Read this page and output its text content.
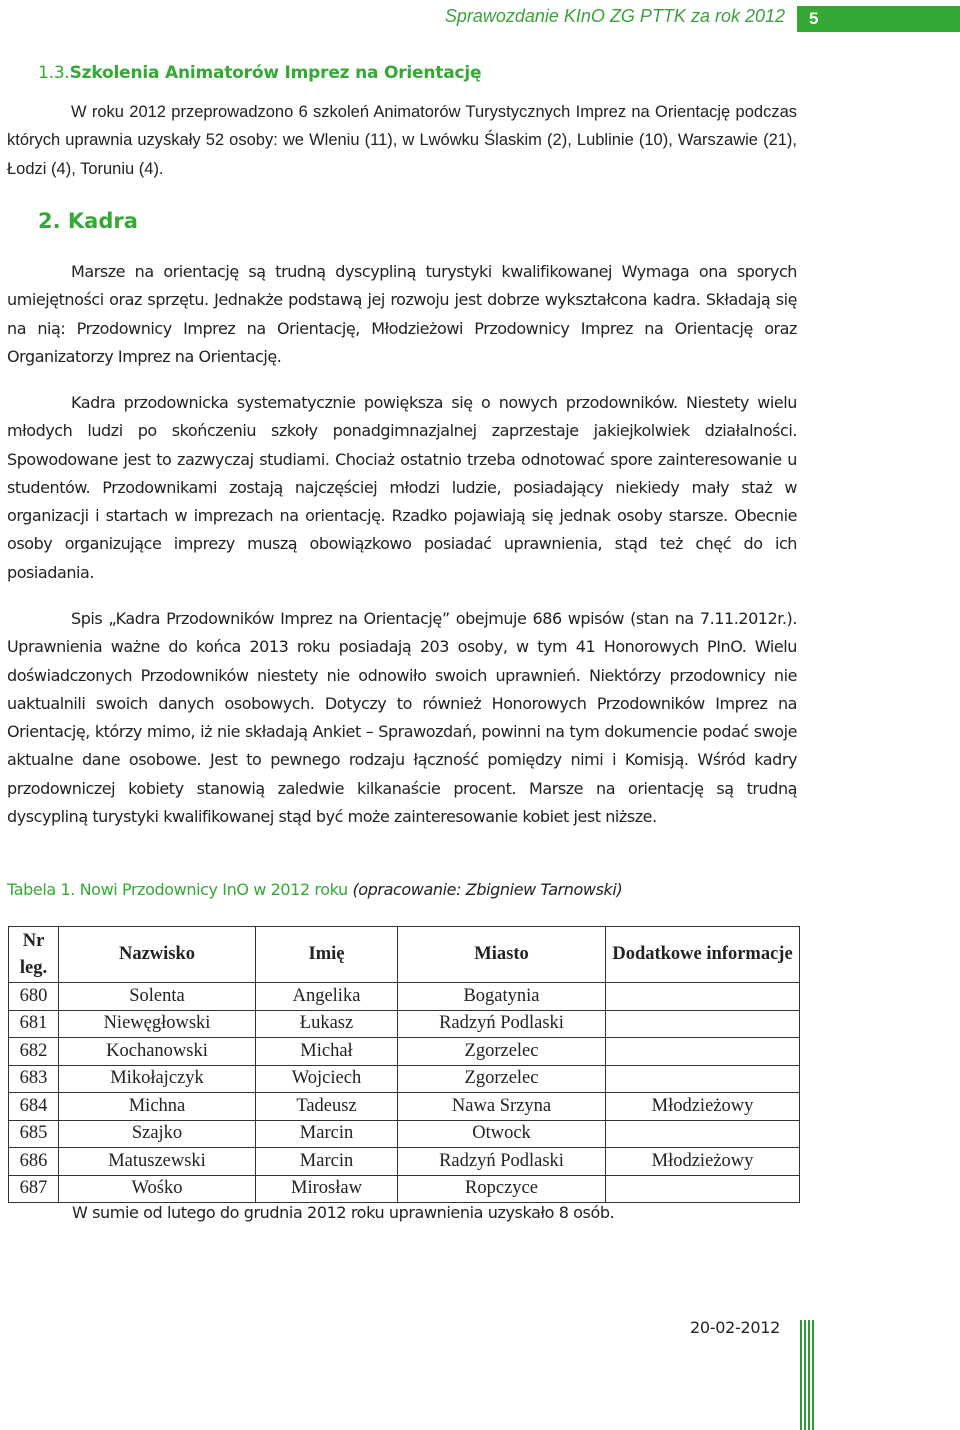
Sprawozdanie KInO ZG PTTK za rok 2012	5
1.3.Szkolenia Animatorów Imprez na Orientację
W roku 2012 przeprowadzono 6 szkoleń Animatorów Turystycznych Imprez na Orientację podczas których uprawnia uzyskały 52 osoby: we Wleniu (11), w Lwówku Ślaskim (2), Lublinie (10), Warszawie (21), Łodzi (4), Toruniu (4).
2. Kadra
Marsze na orientację są trudną dyscypliną turystyki kwalifikowanej Wymaga ona sporych umiejętności oraz sprzętu. Jednakże podstawą jej rozwoju jest dobrze wykształcona kadra. Składają się na nią: Przodownicy Imprez na Orientację, Młodzieżowi Przodownicy Imprez na Orientację oraz Organizatorzy Imprez na Orientację.
Kadra przodownicka systematycznie powiększa się o nowych przodowników. Niestety wielu młodych ludzi po skończeniu szkoły ponadgimnazjalnej zaprzestaje jakiejkolwiek działalności. Spowodowane jest to zazwyczaj studiami. Chociaż ostatnio trzeba odnotować spore zainteresowanie u studentów. Przodownikami zostają najczęściej młodzi ludzie, posiadający niekiedy mały staż w organizacji i startach w imprezach na orientację. Rzadko pojawiają się jednak osoby starsze. Obecnie osoby organizujące imprezy muszą obowiązkowo posiadać uprawnienia, stąd też chęć do ich posiadania.
Spis „Kadra Przodowników Imprez na Orientację” obejmuje 686 wpisów (stan na 7.11.2012r.). Uprawnienia ważne do końca 2013 roku posiadają 203 osoby, w tym 41 Honorowych PInO. Wielu doświadczonych Przodowników niestety nie odnowiło swoich uprawnień. Niektórzy przodownicy nie uaktualnili swoich danych osobowych. Dotyczy to również Honorowych Przodowników Imprez na Orientację, którzy mimo, iż nie składają Ankiet – Sprawozdań, powinni na tym dokumencie podać swoje aktualne dane osobowe. Jest to pewnego rodzaju łączność pomiędzy nimi i Komisją. Wśród kadry przodowniczej kobiety stanowią zaledwie kilkanaście procent. Marsze na orientację są trudną dyscypliną turystyki kwalifikowanej stąd być może zainteresowanie kobiet jest niższe.
Tabela 1. Nowi Przodownicy InO w 2012 roku (opracowanie: Zbigniew Tarnowski)
Nr leg.	Nazwisko	Imię	Miasto	Dodatkowe informacje
680	Solenta	Angelika	Bogatynia	
681	Niewęgłowski	Łukasz	Radzyń Podlaski	
682	Kochanowski	Michał	Zgorzelec	
683	Mikołajczyk	Wojciech	Zgorzelec	
684	Michna	Tadeusz	Nawa Srzyna	Młodzieżowy
685	Szajko	Marcin	Otwock	
686	Matuszewski	Marcin	Radzyń Podlaski	Młodzieżowy
687	Wośko	Mirosław	Ropczyce	
W sumie od lutego do grudnia 2012 roku uprawnienia uzyskało 8 osób.
20-02-2012
